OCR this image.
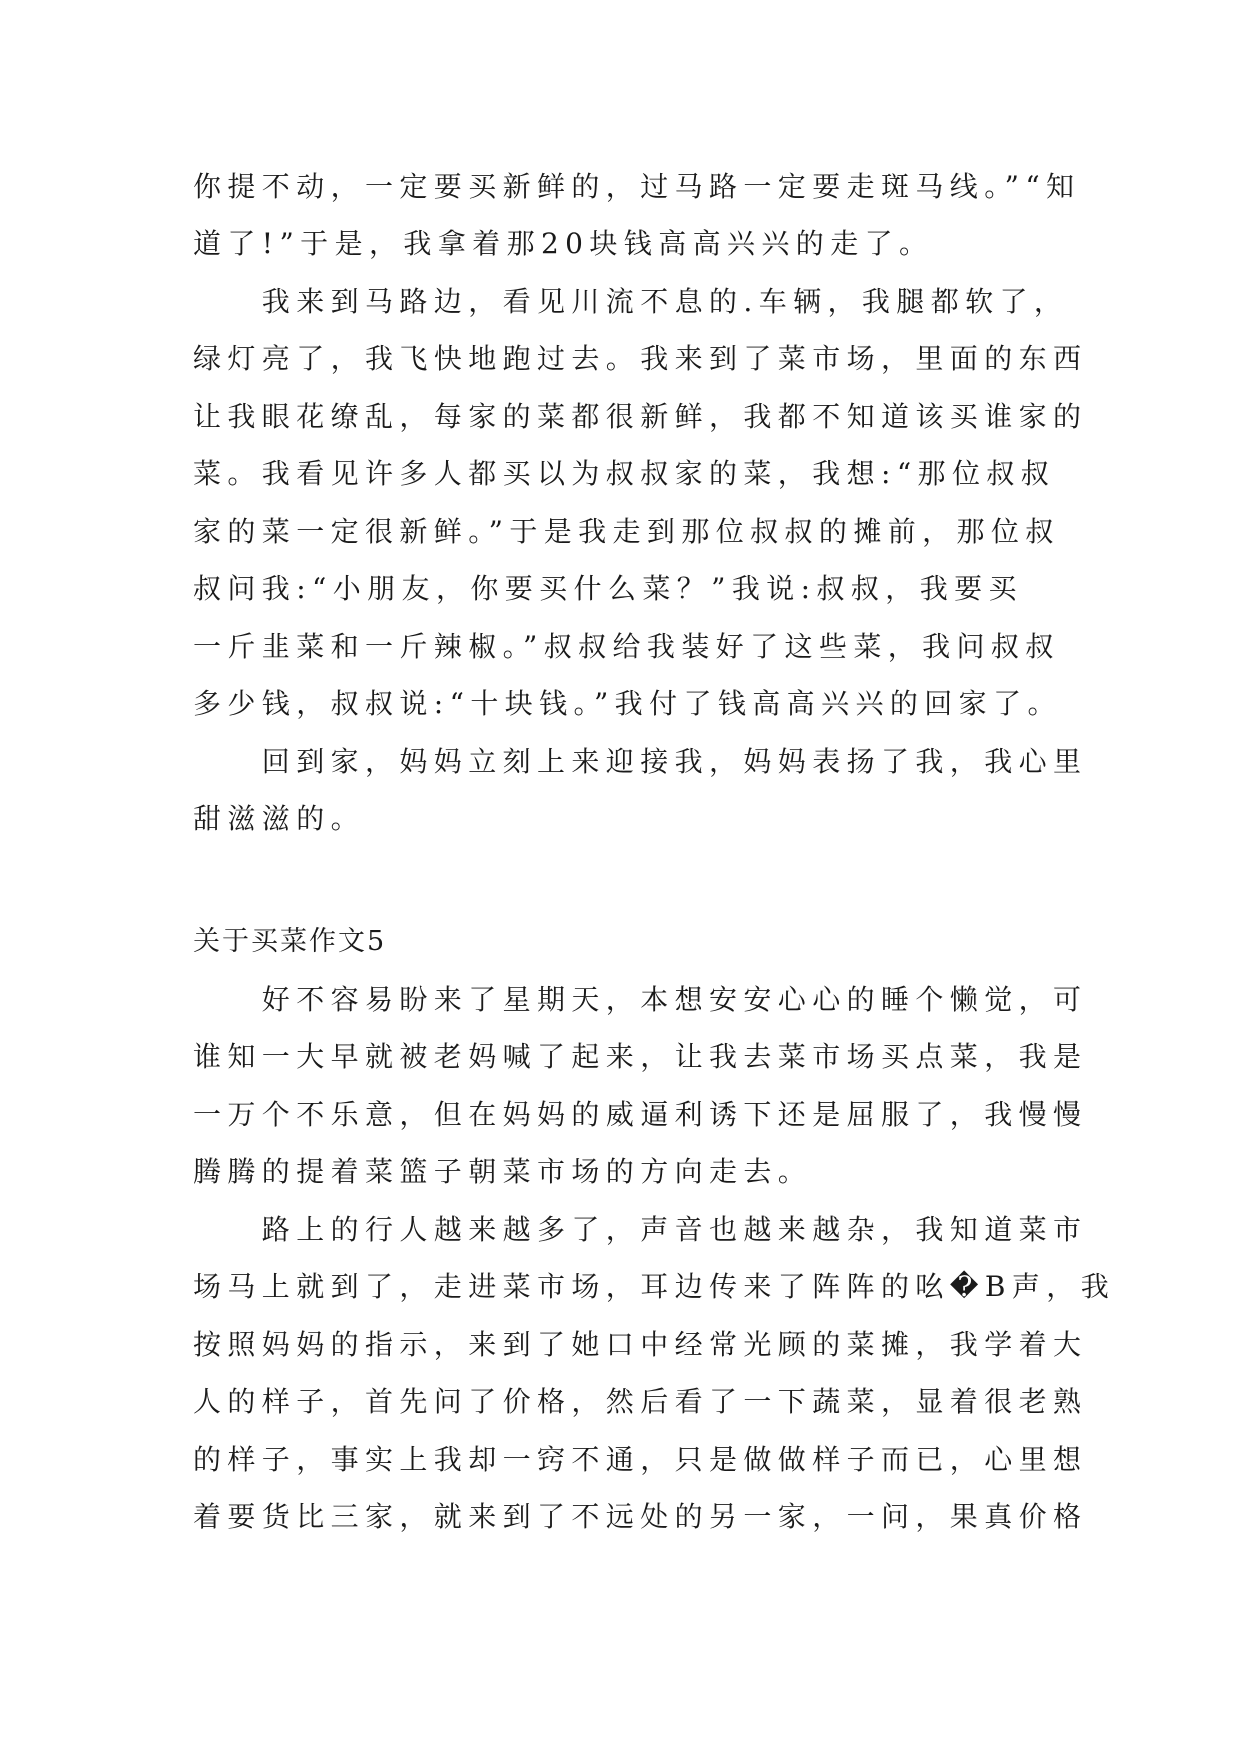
你提不动，一定要买新鲜的，过马路一定要走斑马线。”“知
道了!”于是，我拿着那20块钱高高兴兴的走了。
　　我来到马路边，看见川流不息的.车辆，我腿都软了，
绿灯亮了，我飞快地跑过去。我来到了菜市场，里面的东西
让我眼花缭乱，每家的菜都很新鲜，我都不知道该买谁家的
菜。我看见许多人都买以为叔叔家的菜，我想:“那位叔叔
家的菜一定很新鲜。”于是我走到那位叔叔的摊前，那位叔
叔问我:“小朋友，你要买什么菜？”我说:叔叔，我要买
一斤韭菜和一斤辣椒。”叔叔给我装好了这些菜，我问叔叔
多少钱，叔叔说:“十块钱。”我付了钱高高兴兴的回家了。
　　回到家，妈妈立刻上来迎接我，妈妈表扬了我，我心里
甜滋滋的。
关于买菜作文5
　　好不容易盼来了星期天，本想安安心心的睡个懒觉，可
谁知一大早就被老妈喊了起来，让我去菜市场买点菜，我是
一万个不乐意，但在妈妈的威逼利诱下还是屈服了，我慢慢
腾腾的提着菜篮子朝菜市场的方向走去。
　　路上的行人越来越多了，声音也越来越杂，我知道菜市
场马上就到了，走进菜市场，耳边传来了阵阵的吆�B声，我
按照妈妈的指示，来到了她口中经常光顾的菜摊，我学着大
人的样子，首先问了价格，然后看了一下蔬菜，显着很老熟
的样子，事实上我却一窍不通，只是做做样子而已，心里想
着要货比三家，就来到了不远处的另一家，一问，果真价格
